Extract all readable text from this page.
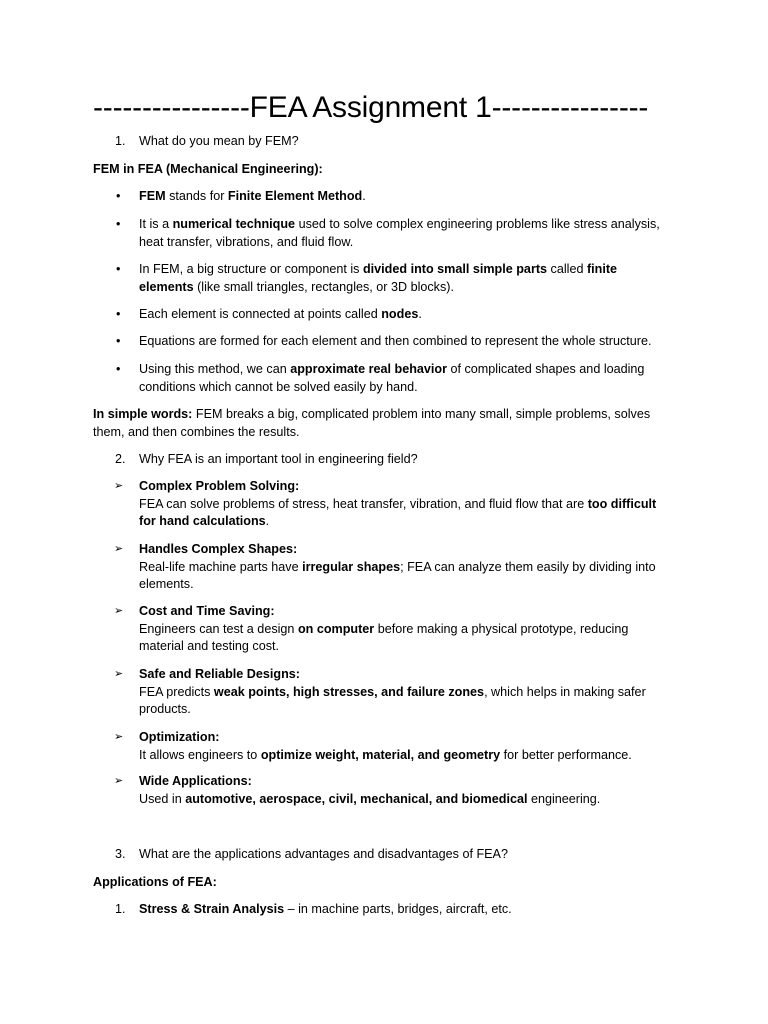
----------------FEA Assignment 1----------------
1. What do you mean by FEM?
FEM in FEA (Mechanical Engineering):
• FEM stands for Finite Element Method.
• It is a numerical technique used to solve complex engineering problems like stress analysis,
heat transfer, vibrations, and fluid flow.
• In FEM, a big structure or component is divided into small simple parts called finite
elements (like small triangles, rectangles, or 3D blocks).
• Each element is connected at points called nodes.
• Equations are formed for each element and then combined to represent the whole structure.
• Using this method, we can approximate real behavior of complicated shapes and loading
conditions which cannot be solved easily by hand.
In simple words: FEM breaks a big, complicated problem into many small, simple problems, solves
them, and then combines the results.
2. Why FEA is an important tool in engineering field?
➢ Complex Problem Solving:
FEA can solve problems of stress, heat transfer, vibration, and fluid flow that are too difficult
for hand calculations.
➢ Handles Complex Shapes:
Real-life machine parts have irregular shapes; FEA can analyze them easily by dividing into
elements.
➢ Cost and Time Saving:
Engineers can test a design on computer before making a physical prototype, reducing
material and testing cost.
➢ Safe and Reliable Designs:
FEA predicts weak points, high stresses, and failure zones, which helps in making safer
products.
➢ Optimization:
It allows engineers to optimize weight, material, and geometry for better performance.
➢ Wide Applications:
Used in automotive, aerospace, civil, mechanical, and biomedical engineering.
3. What are the applications advantages and disadvantages of FEA?
Applications of FEA:
1. Stress & Strain Analysis – in machine parts, bridges, aircraft, etc.
